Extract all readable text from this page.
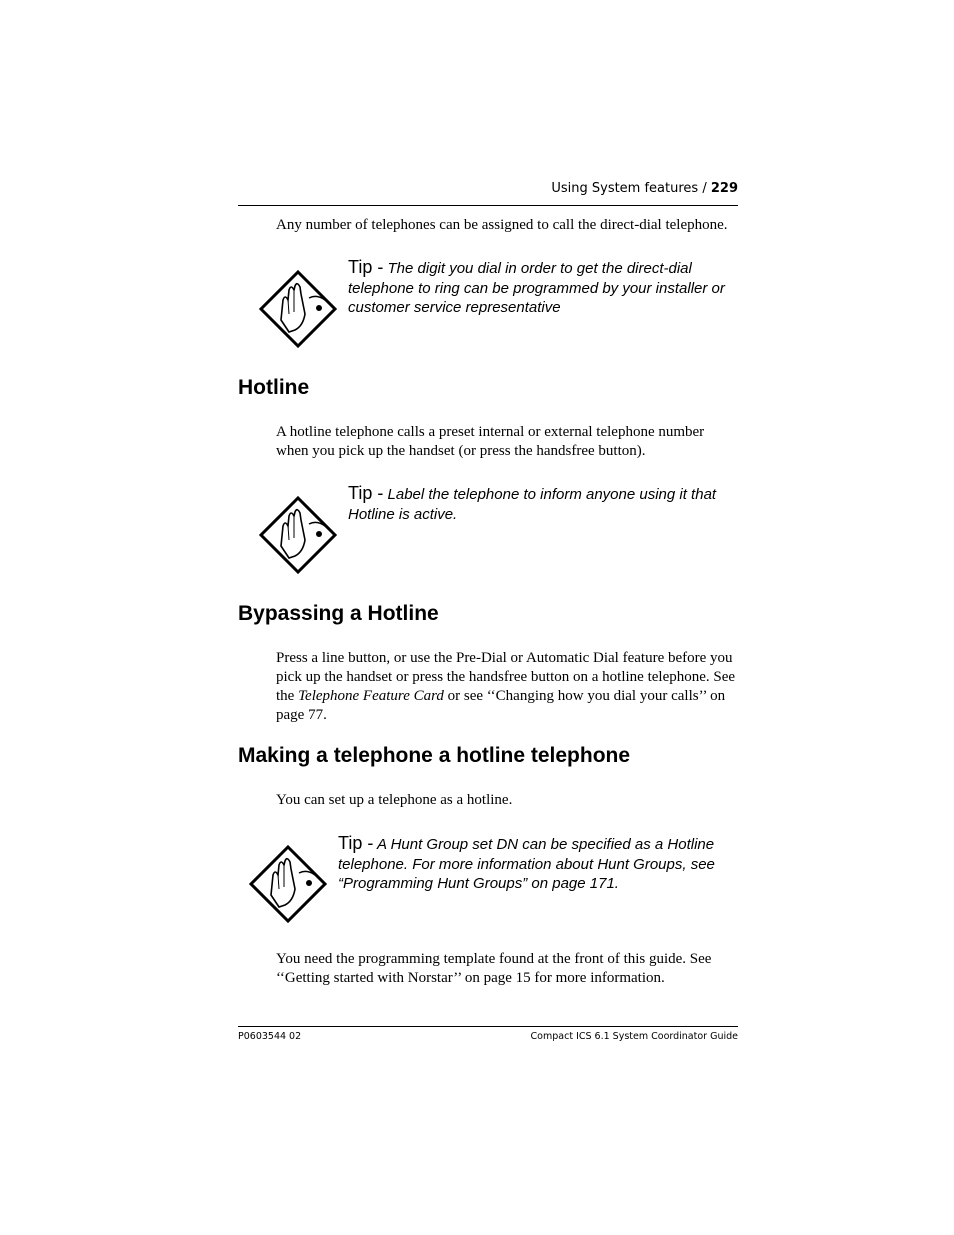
Using System features / 229
Any number of telephones can be assigned to call the direct-dial telephone.
Tip - The digit you dial in order to get the direct-dial telephone to ring can be programmed by your installer or customer service representative
Hotline
A hotline telephone calls a preset internal or external telephone number when you pick up the handset (or press the handsfree button).
Tip - Label the telephone to inform anyone using it that Hotline is active.
Bypassing a Hotline
Press a line button, or use the Pre-Dial or Automatic Dial feature before you pick up the handset or press the handsfree button on a hotline telephone. See the Telephone Feature Card or see ‘‘Changing how you dial your calls’’ on page 77.
Making a telephone a hotline telephone
You can set up a telephone as a hotline.
Tip - A Hunt Group set DN can be specified as a Hotline telephone. For more information about Hunt Groups, see “Programming Hunt Groups” on page 171.
You need the programming template found at the front of this guide. See ‘‘Getting started with Norstar’’ on page 15 for more information.
P0603544 02	Compact ICS 6.1 System Coordinator Guide
